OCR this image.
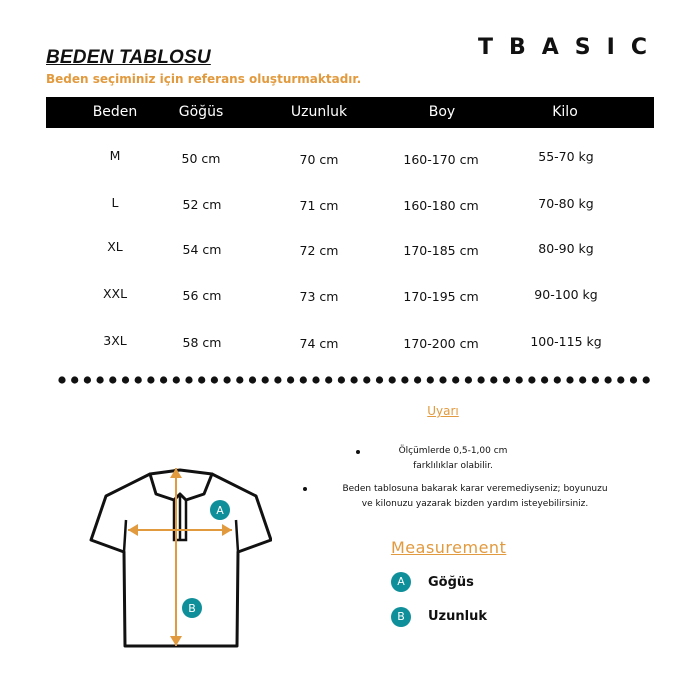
BEDEN TABLOSU
Beden seçiminiz için referans oluşturmaktadır.
TBASIC
Beden	Göğüs	Uzunluk	Boy	Kilo
M	50 cm	70 cm	160-170 cm	55-70 kg
L	52 cm	71 cm	160-180 cm	70-80 kg
XL	54 cm	72 cm	170-185 cm	80-90 kg
XXL	56 cm	73 cm	170-195 cm	90-100 kg
3XL	58 cm	74 cm	170-200 cm	100-115 kg
Uyarı
Ölçümlerde 0,5-1,00 cm
farklılıklar olabilir.
Beden tablosuna bakarak karar veremediyseniz; boyunuzu
ve kilonuzu yazarak bizden yardım isteyebilirsiniz.
Measurement
A	Göğüs
B	Uzunluk
A
B
